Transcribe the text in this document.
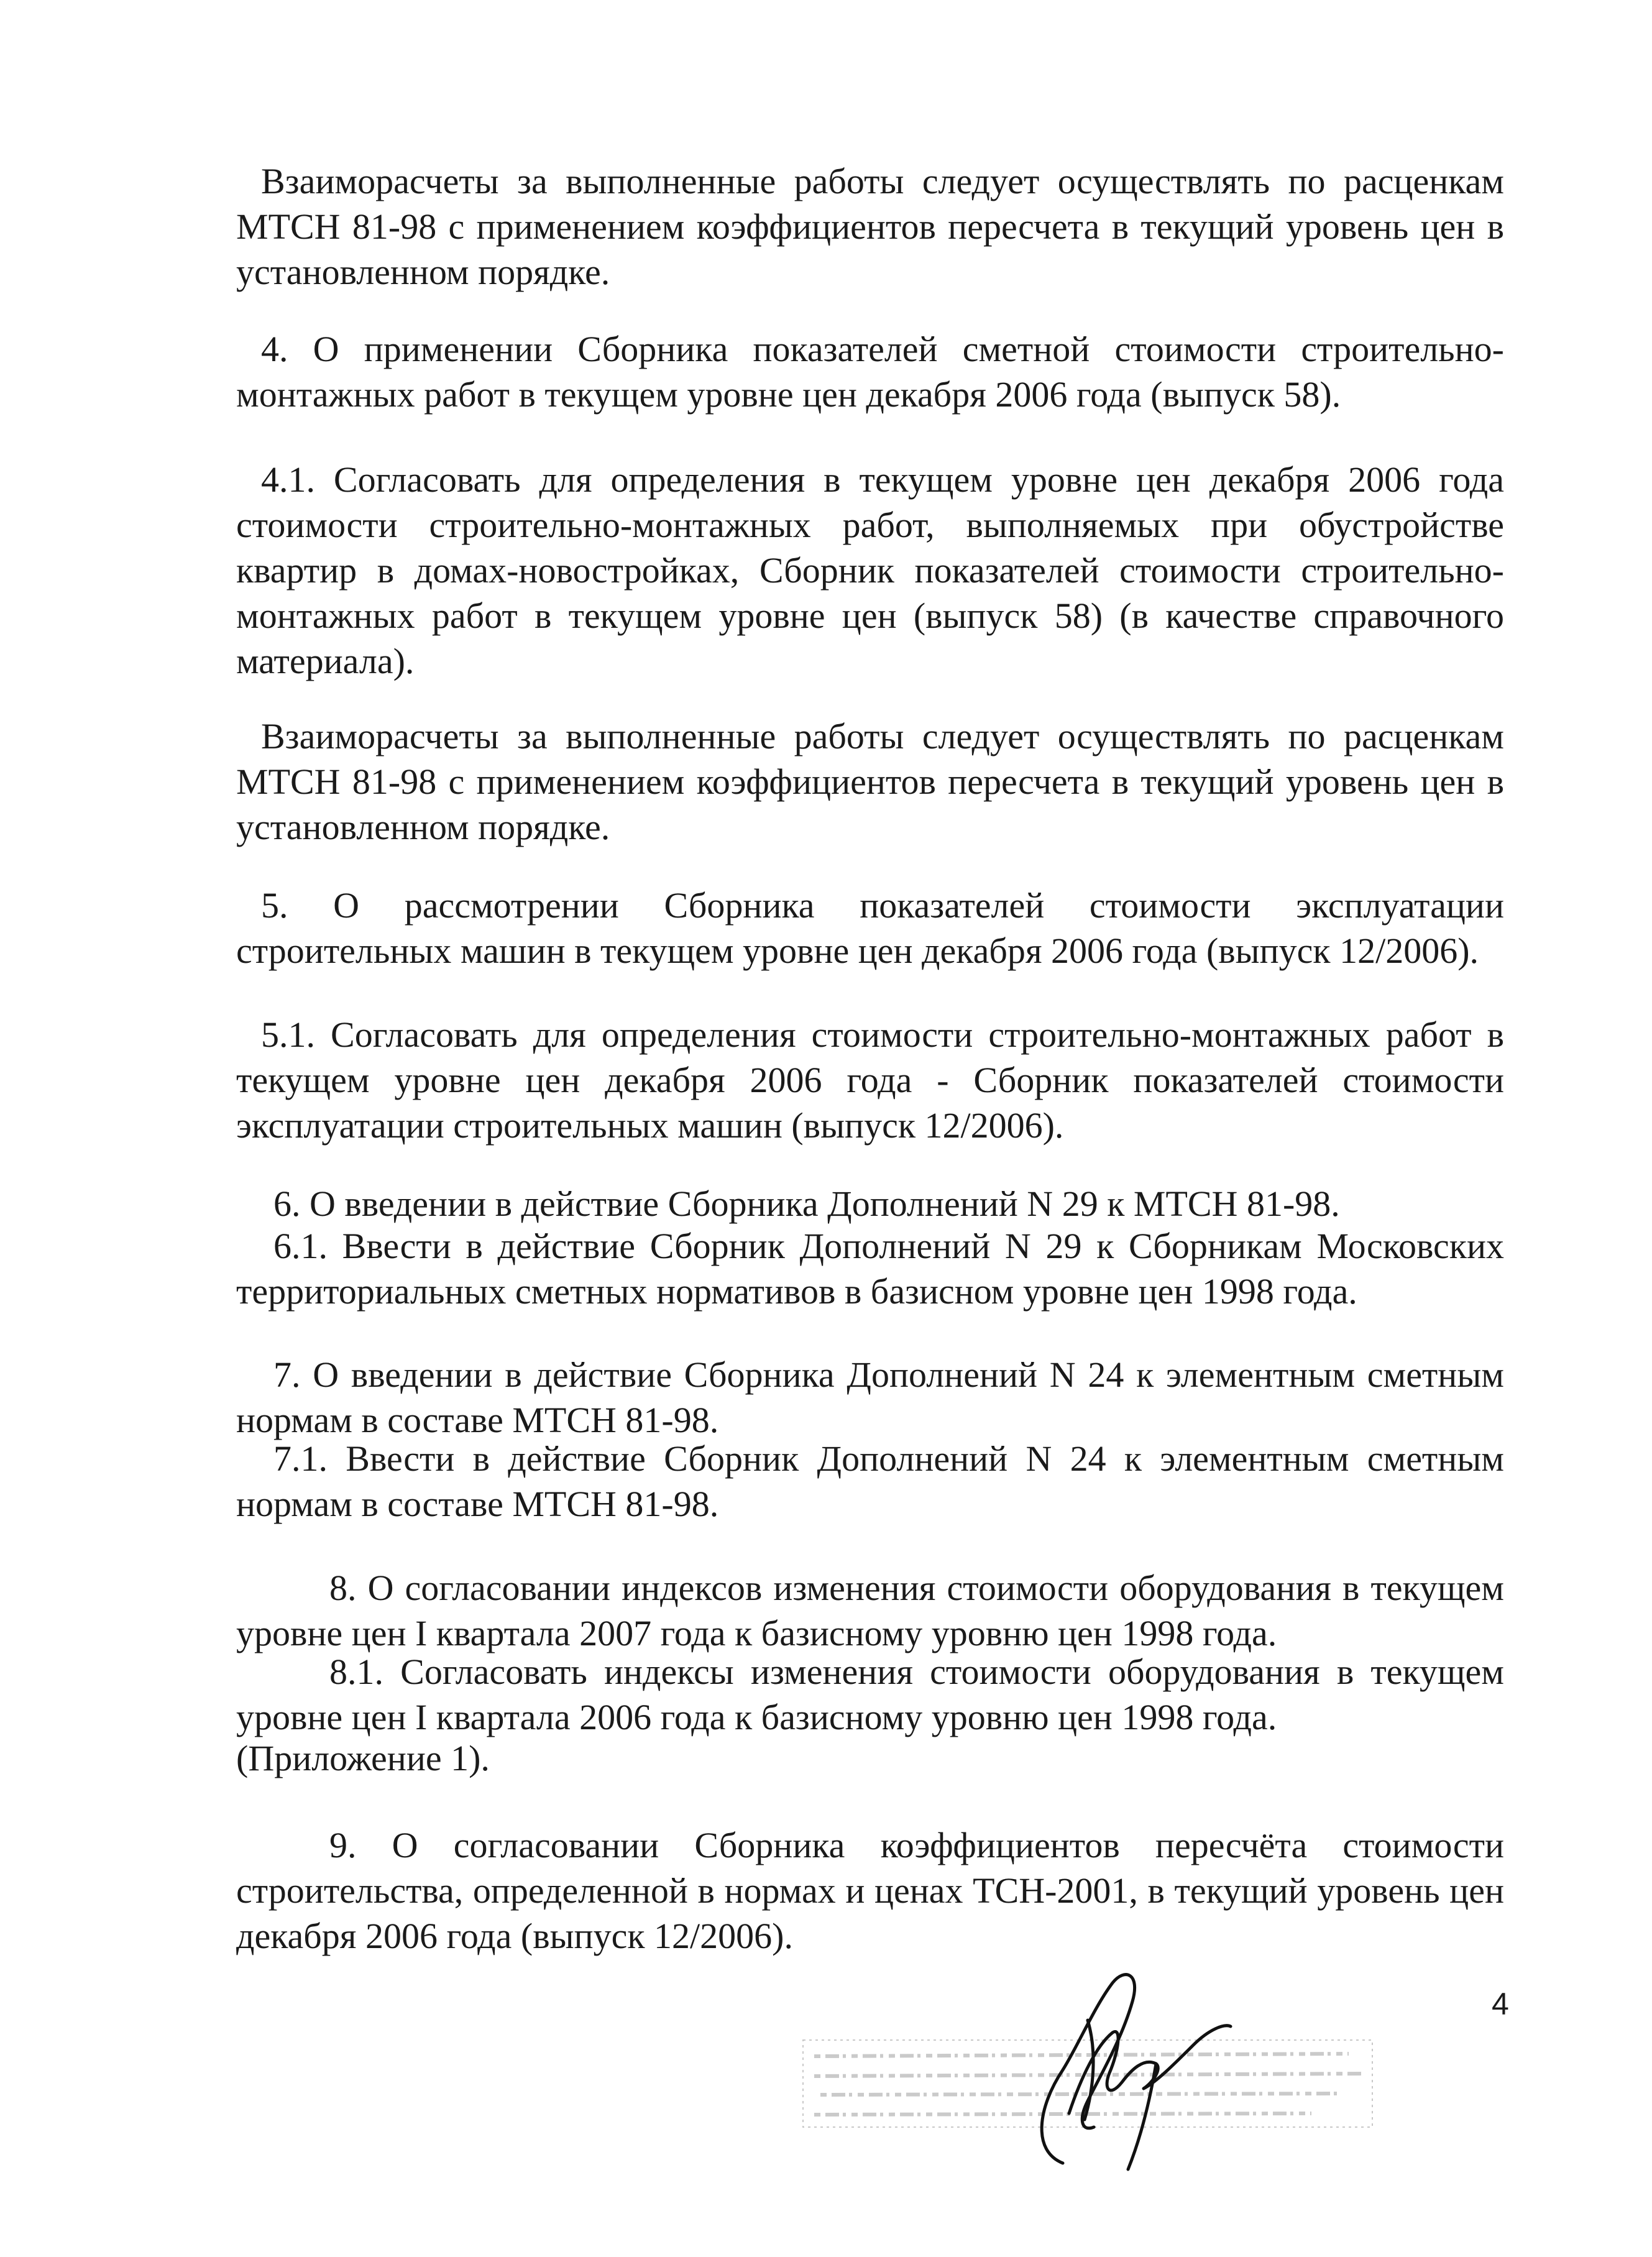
Взаиморасчеты за выполненные работы следует осуществлять по расценкам МТСН 81-98 с применением коэффициентов пересчета в текущий уровень цен в установленном порядке.

4. О применении Сборника показателей сметной стоимости строительно-монтажных работ в текущем уровне цен декабря 2006 года (выпуск 58).

4.1. Согласовать для определения в текущем уровне цен декабря 2006 года стоимости строительно-монтажных работ, выполняемых при обустройстве квартир в домах-новостройках, Сборник показателей стоимости строительно-монтажных работ в текущем уровне цен (выпуск 58) (в качестве справочного материала).

Взаиморасчеты за выполненные работы следует осуществлять по расценкам МТСН 81-98 с применением коэффициентов пересчета в текущий уровень цен в установленном порядке.

5. О рассмотрении Сборника показателей стоимости эксплуатации строительных машин в текущем уровне цен декабря 2006 года (выпуск 12/2006).

5.1. Согласовать для определения стоимости строительно-монтажных работ в текущем уровне цен декабря 2006 года - Сборник показателей стоимости эксплуатации строительных машин (выпуск 12/2006).

6. О введении в действие Сборника Дополнений N 29 к МТСН 81-98.

6.1. Ввести в действие Сборник Дополнений N 29 к Сборникам Московских территориальных сметных нормативов в базисном уровне цен 1998 года.

7. О введении в действие Сборника Дополнений N 24 к элементным сметным нормам в составе МТСН 81-98.

7.1. Ввести в действие Сборник Дополнений N 24 к элементным сметным нормам в составе МТСН 81-98.

8. О согласовании индексов изменения стоимости оборудования в текущем уровне цен I квартала 2007 года к базисному уровню цен 1998 года.

8.1. Согласовать индексы изменения стоимости оборудования в текущем уровне цен I квартала 2006 года к базисному уровню цен 1998 года.

(Приложение 1).

9. О согласовании Сборника коэффициентов пересчёта стоимости строительства, определенной в нормах и ценах ТСН-2001, в текущий уровень цен декабря 2006 года (выпуск 12/2006).

4
